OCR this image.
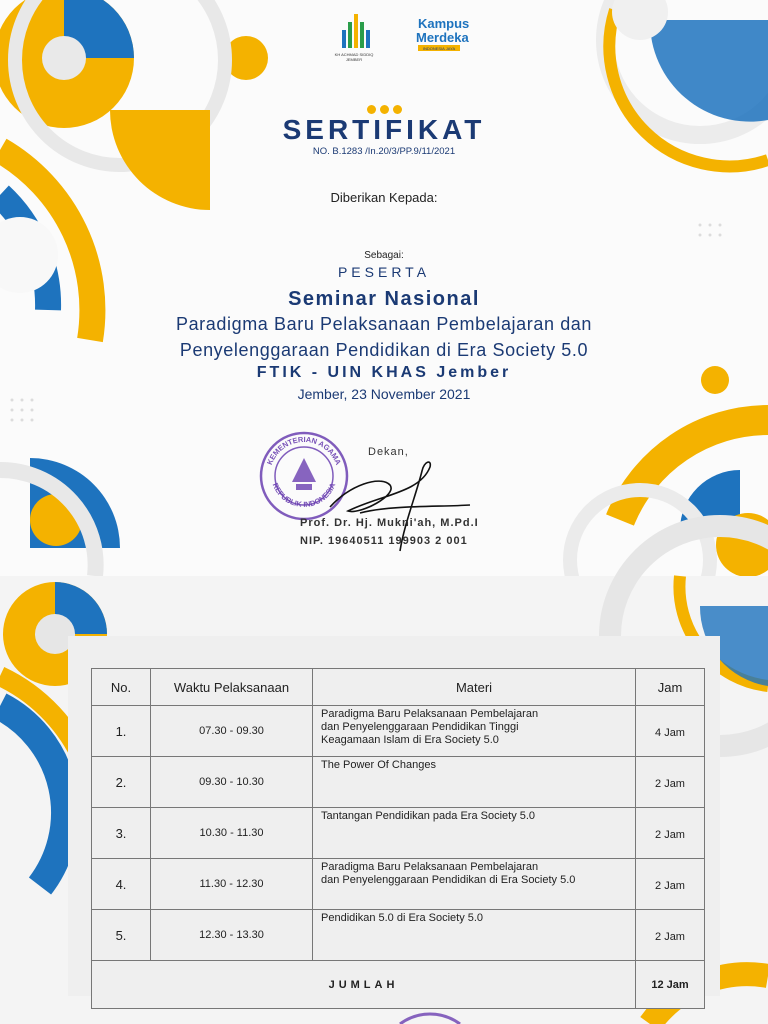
KH ACHMAD SIDDIQ
JEMBER
Kampus
Merdeka
INDONESIA JAYA
SERTIFIKAT
NO. B.1283 /In.20/3/PP.9/11/2021
Diberikan Kepada:
Sebagai:
PESERTA
Seminar Nasional
Paradigma Baru Pelaksanaan Pembelajaran dan
Penyelenggaraan Pendidikan di Era Society 5.0
FTIK - UIN KHAS Jember
Jember, 23 November 2021
KEMENTERIAN AGAMA
REPUBLIK INDONESIA
Dekan,
Prof. Dr. Hj. Mukni'ah, M.Pd.I
NIP. 19640511 199903 2 001
No.	Waktu Pelaksanaan	Materi	Jam
1.	07.30 - 09.30	Paradigma Baru Pelaksanaan Pembelajaran
dan Penyelenggaraan Pendidikan Tinggi
Keagamaan Islam di Era Society 5.0	4 Jam
2.	09.30 - 10.30	The Power Of Changes	2 Jam
3.	10.30 - 11.30	Tantangan Pendidikan pada Era Society 5.0	2 Jam
4.	11.30 - 12.30	Paradigma Baru Pelaksanaan Pembelajaran
dan Penyelenggaraan Pendidikan di Era Society 5.0	2 Jam
5.	12.30 - 13.30	Pendidikan 5.0 di Era Society 5.0	2 Jam
JUMLAH			12 Jam
